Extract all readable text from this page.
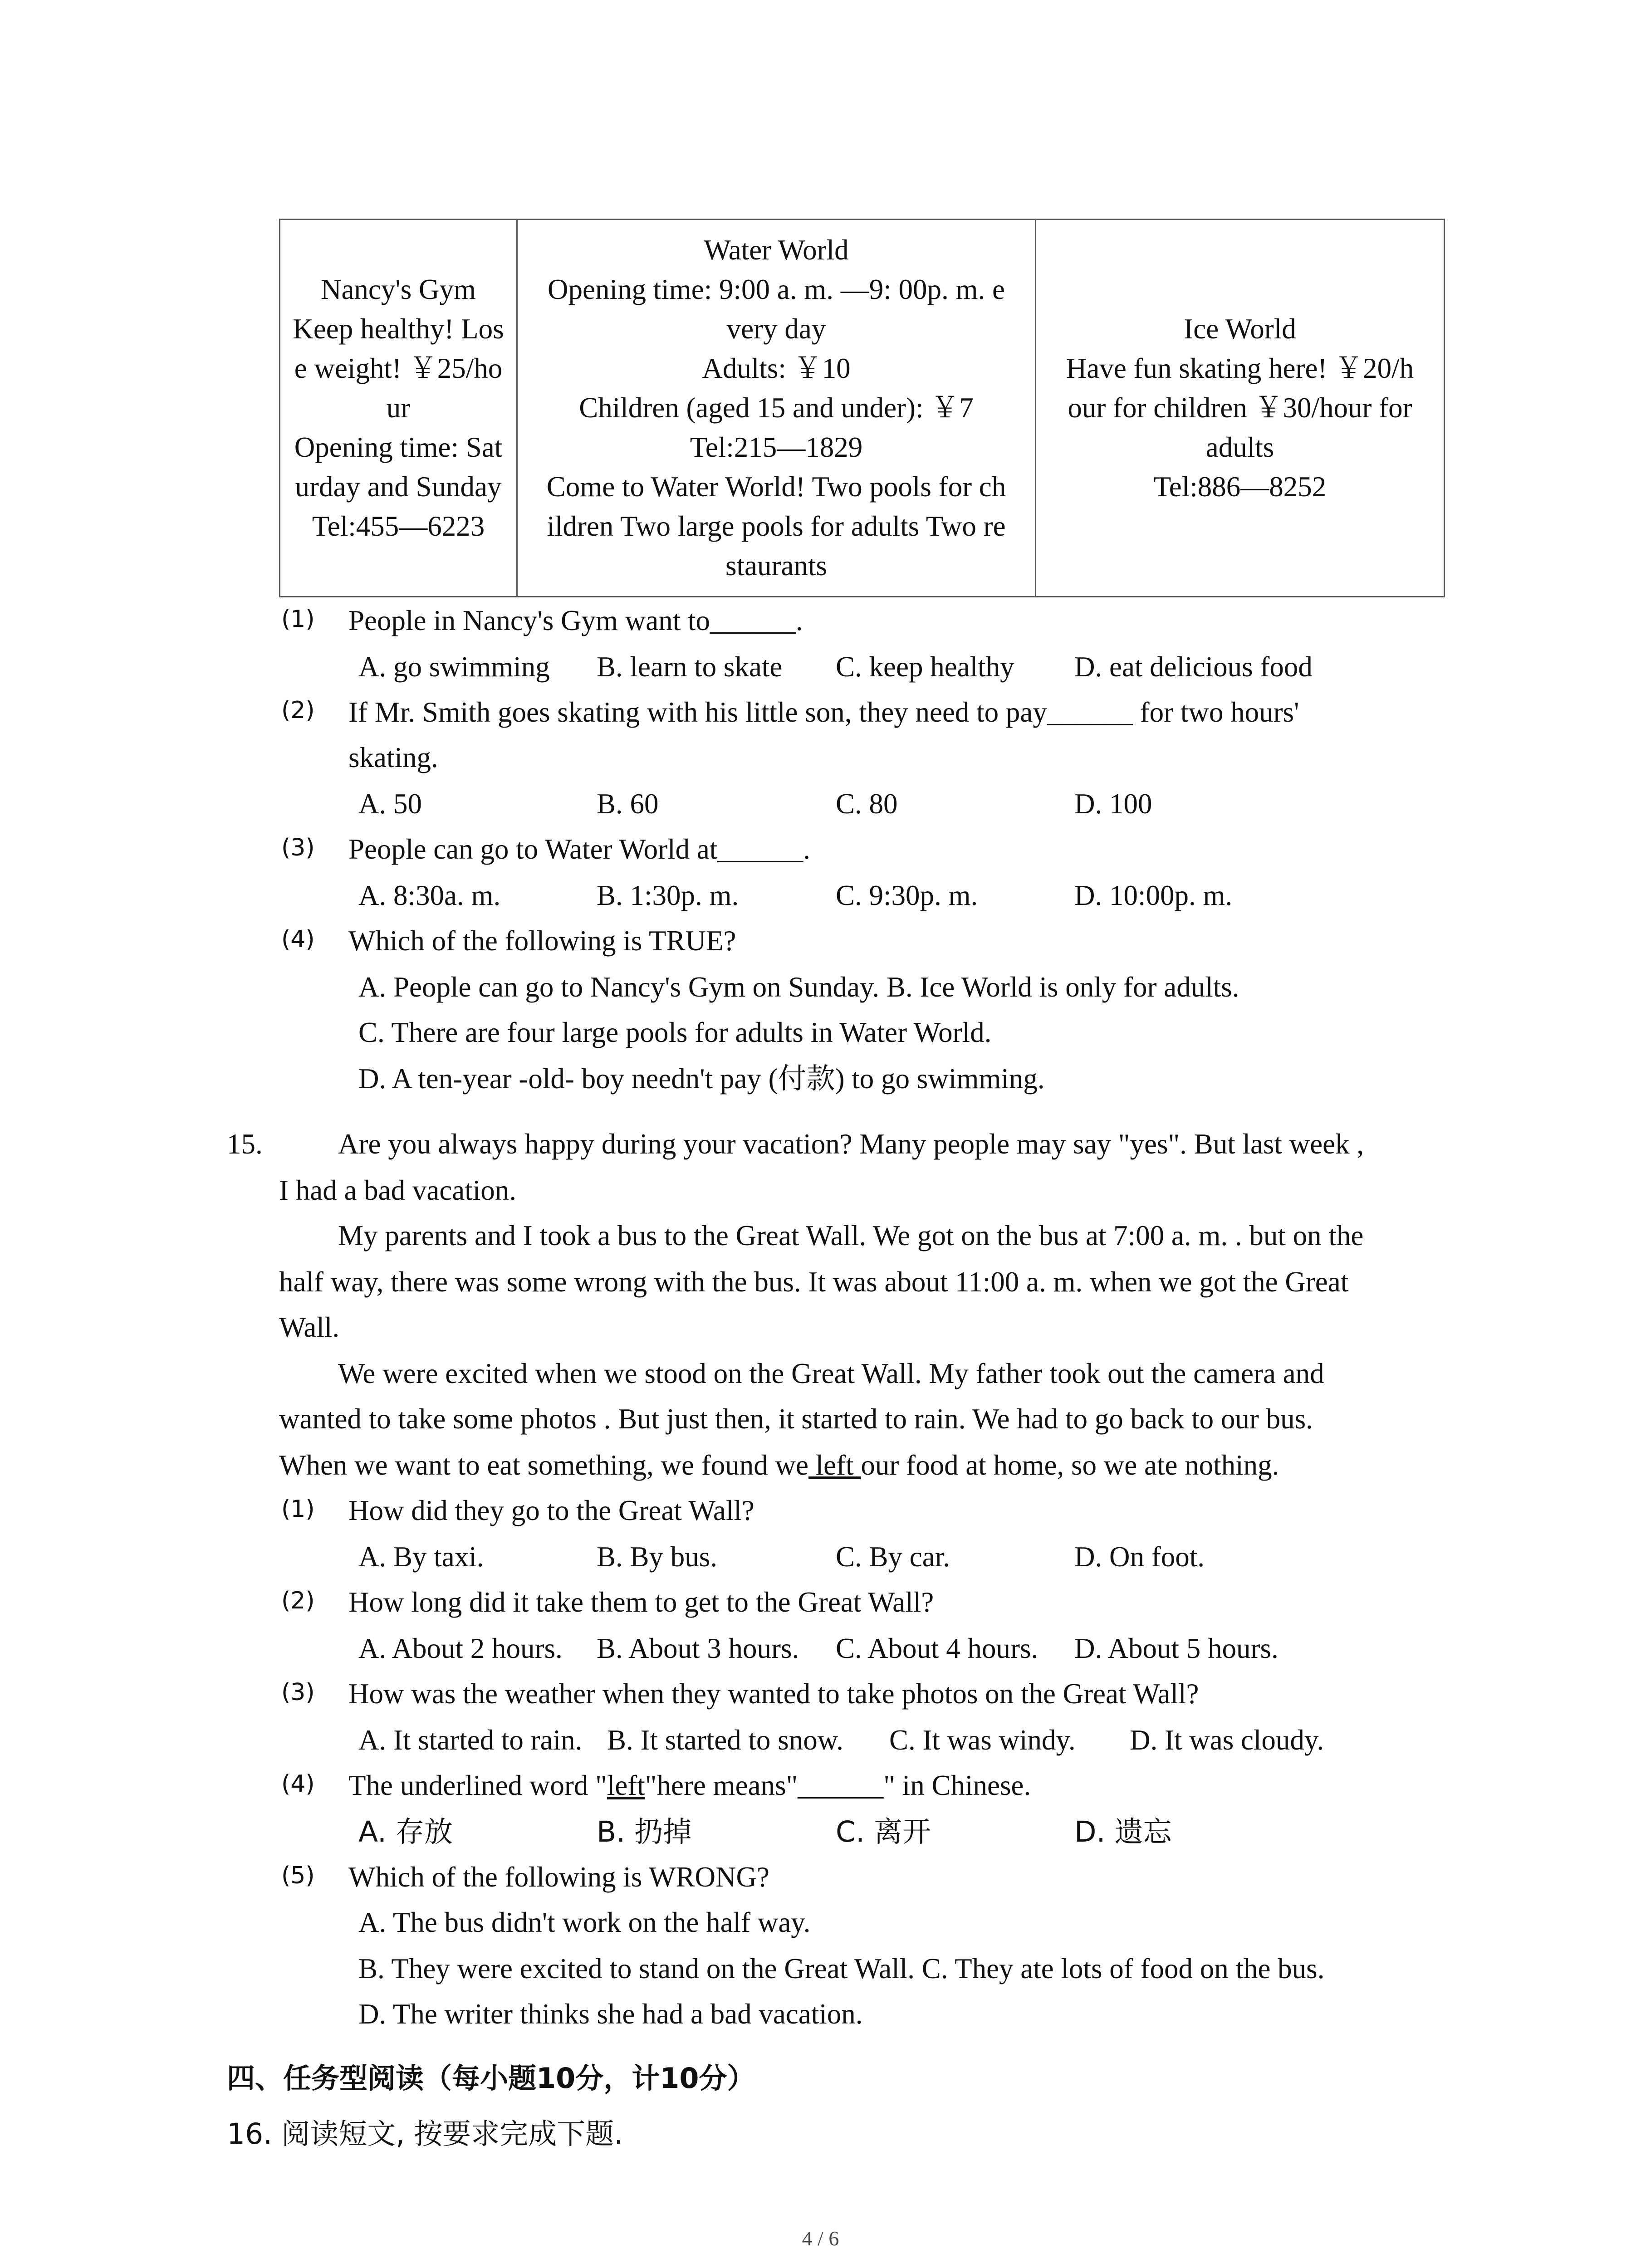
Nancy's Gym
Keep healthy! Los
e weight! ￥25/ho
ur
Opening time: Sat
urday and Sunday
Tel:455—6223

Water World
Opening time: 9:00 a. m. —9: 00p. m. e
very day
Adults: ￥10
Children (aged 15 and under): ￥7
Tel:215—1829
Come to Water World! Two pools for ch
ildren Two large pools for adults Two re
staurants

Ice World
Have fun skating here! ￥20/h
our for children ￥30/hour for
adults
Tel:886—8252
(1) People in Nancy's Gym want to______.
A. go swimming B. learn to skate C. keep healthy D. eat delicious food
(2) If Mr. Smith goes skating with his little son, they need to pay______ for two hours'
skating.
A. 50	B. 60	C. 80	D. 100
(3) People can go to Water World at______.
A. 8:30a. m.	B. 1:30p. m.	C. 9:30p. m.	D. 10:00p. m.
(4) Which of the following is TRUE?
A. People can go to Nancy's Gym on Sunday. B. Ice World is only for adults.
C. There are four large pools for adults in Water World.
D. A ten-year -old- boy needn't pay (付款) to go swimming.
15.	Are you always happy during your vacation? Many people may say "yes". But last week ,
I had a bad vacation.
My parents and I took a bus to the Great Wall. We got on the bus at 7:00 a. m. . but on the
half way, there was some wrong with the bus. It was about 11:00 a. m. when we got the Great
Wall.
We were excited when we stood on the Great Wall. My father took out the camera and
wanted to take some photos . But just then, it started to rain. We had to go back to our bus.
When we want to eat something, we found we left our food at home, so we ate nothing.
(1) How did they go to the Great Wall?
A. By taxi.	B. By bus.	C. By car.	D. On foot.
(2) How long did it take them to get to the Great Wall?
A. About 2 hours. B. About 3 hours. C. About 4 hours. D. About 5 hours.
(3) How was the weather when they wanted to take photos on the Great Wall?
A. It started to rain. B. It started to snow. C. It was windy. D. It was cloudy.
(4) The underlined word "left"here means"______" in Chinese.
A. 存放	B. 扔掉	C. 离开	D. 遗忘
(5) Which of the following is WRONG?
A. The bus didn't work on the half way.
B. They were excited to stand on the Great Wall. C. They ate lots of food on the bus.
D. The writer thinks she had a bad vacation.
四、任务型阅读（每小题10分，计10分）
16. 阅读短文, 按要求完成下题.
4 / 6
